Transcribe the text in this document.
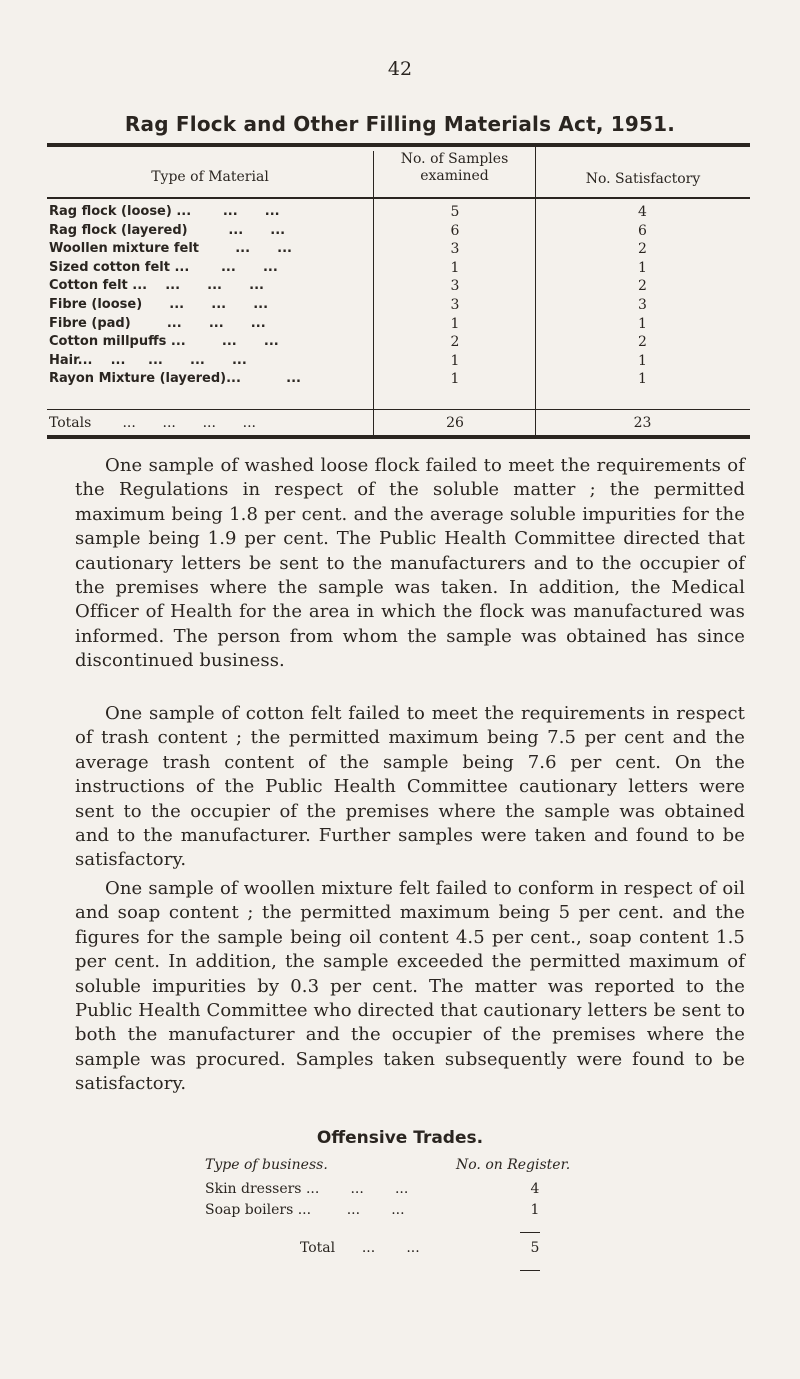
42
Rag Flock and Other Filling Materials Act, 1951.
Type of Material
No. of Samples
examined	No. Satisfactory
Rag flock (loose) ...       ...      ...	5	4
Rag flock (layered)         ...      ...	6	6
Woollen mixture felt        ...      ...	3	2
Sized cotton felt ...       ...      ...	1	1
Cotton felt ...    ...      ...      ...	3	2
Fibre (loose)      ...      ...      ...	3	3
Fibre (pad)        ...      ...      ...	1	1
Cotton millpuffs ...        ...      ...	2	2
Hair...    ...     ...      ...      ...	1	1
Rayon Mixture (layered)...          ...	1	1
Totals       ...      ...      ...      ...	26	23

One sample of washed loose flock failed to meet the requirements of the Regulations in respect of the soluble matter ; the permitted maximum being 1.8 per cent. and the average soluble impurities for the sample being 1.9 per cent. The Public Health Committee directed that cautionary letters be sent to the manufacturers and to the occupier of the premises where the sample was taken. In addition, the Medical Officer of Health for the area in which the flock was manufactured was informed. The person from whom the sample was obtained has since discontinued business.

One sample of cotton felt failed to meet the requirements in respect of trash content ; the permitted maximum being 7.5 per cent and the average trash content of the sample being 7.6 per cent. On the instructions of the Public Health Committee cautionary letters were sent to the occupier of the premises where the sample was obtained and to the manufacturer. Further samples were taken and found to be satisfactory.

One sample of woollen mixture felt failed to conform in respect of oil and soap content ; the permitted maximum being 5 per cent. and the figures for the sample being oil content 4.5 per cent., soap content 1.5 per cent. In addition, the sample exceeded the permitted maximum of soluble impurities by 0.3 per cent. The matter was reported to the Public Health Committee who directed that cautionary letters be sent to both the manufacturer and the occupier of the premises where the sample was procured. Samples taken subsequently were found to be satisfactory.

Offensive Trades.
Type of business.	No. on Register.
Skin dressers ...       ...       ...	4
Soap boilers ...        ...       ...	1
Total      ...       ...	5
